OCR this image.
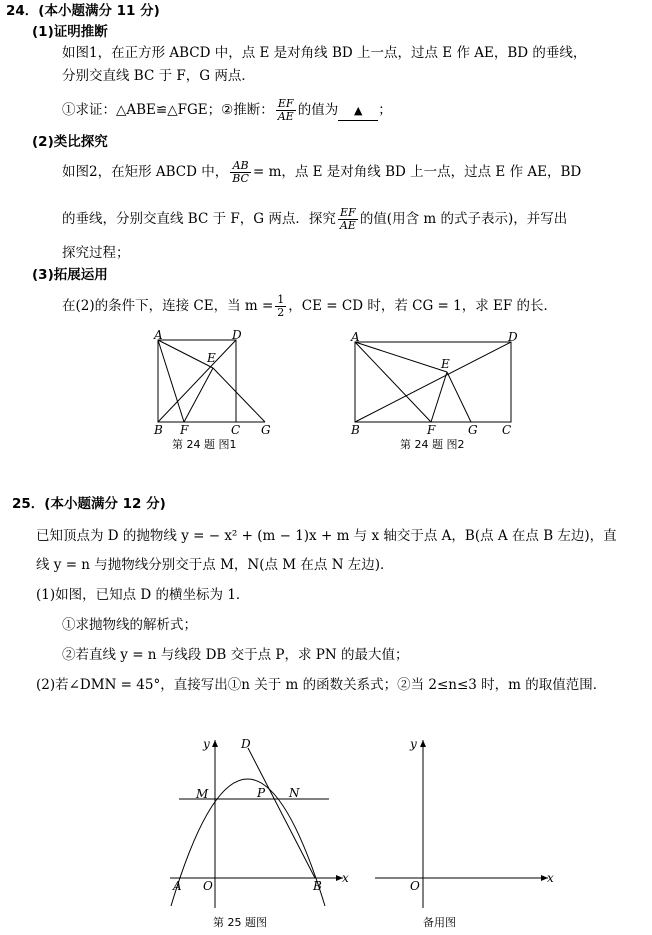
24．(本小题满分 11 分)
(1)证明推断
如图1，在正方形 ABCD 中，点 E 是对角线 BD 上一点，过点 E 作 AE，BD 的垂线，
分别交直线 BC 于 F，G 两点．
①求证：△ABE≌△FGE；②推断： $\frac{EF}{AE}$ 的值为 ▲ ；
(2)类比探究
如图2，在矩形 ABCD 中， $\frac{AB}{BC} = m$，点 E 是对角线 BD 上一点，过点 E 作 AE，BD
的垂线，分别交直线 BC 于 F，G 两点．探究 $\frac{EF}{AE}$ 的值(用含 m 的式子表示)，并写出
探究过程；
(3)拓展运用
在(2)的条件下，连接 CE，当 $m = \frac{1}{2}$ ，CE = CD 时，若 CG = 1，求 EF 的长．
A	D
E
B F	C G
第 24 题 图1
A	D
E
B	F	G C
第 24 题 图2
25．(本小题满分 12 分)
已知顶点为 D 的抛物线 y = − x² + (m − 1)x + m 与 x 轴交于点 A，B(点 A 在点 B 左边)，直
线 y = n 与抛物线分别交于点 M，N(点 M 在点 N 左边)．
(1)如图，已知点 D 的横坐标为 1．
①求抛物线的解析式；
②若直线 y = n 与线段 DB 交于点 P，求 PN 的最大值；
(2)若∠DMN = 45°，直接写出①n 关于 m 的函数关系式；②当 2≤n≤3 时，m 的取值范围．
y	D
M	P N
A O	B
x
第 25 题图
y
O
x
备用图
